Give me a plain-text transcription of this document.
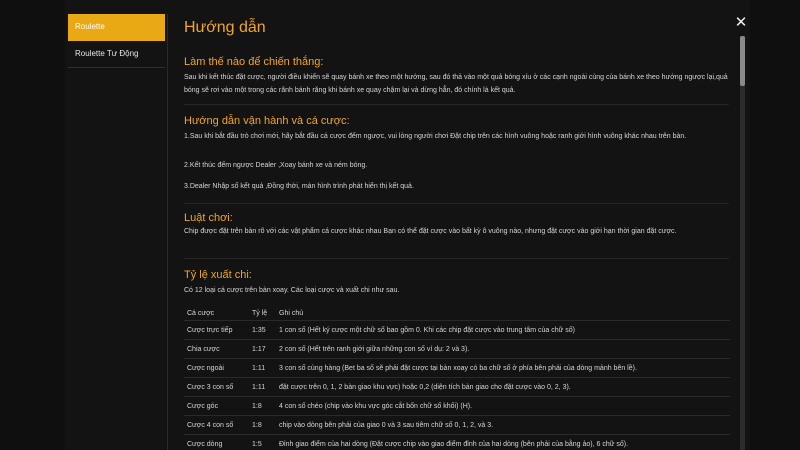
Roulette
Roulette Tư Động
Hướng dẫn
Làm thế nào để chiến thắng:
Sau khi kết thúc đặt cược, người điều khiển sẽ quay bánh xe theo một hướng, sau đó thả vào một quả bóng xíu ở các cạnh ngoài cùng của bánh xe theo hướng ngược lại,quả bóng sẽ rơi vào một trong các rãnh bánh răng khi bánh xe quay chậm lại và dừng hẳn, đó chính là kết quả.
Hướng dẫn vận hành và cá cược:
1.Sau khi bắt đầu trò chơi mới, hãy bắt đầu cá cược đếm ngược, vui lòng người chơi Đặt chip trên các hình vuông hoặc ranh giới hình vuông khác nhau trên bàn.
2.Kết thúc đếm ngược Dealer ,Xoay bánh xe và ném bóng.
3.Dealer Nhập số kết quả ,Đồng thời, màn hình trình phát hiển thị kết quả.
Luật chơi:
Chip được đặt trên bàn rõ với các vật phẩm cá cược khác nhau Bạn có thể đặt cược vào bất kỳ ô vuông nào, nhưng đặt cược vào giới hạn thời gian đặt cược.
Tỷ lệ xuất chi:
Có 12 loại cá cược trên bàn xoay. Các loại cược và xuất chi như sau.
Cá cược	Tỷ lệ	Ghi chú
Cược trực tiếp	1:35	1 con số (Hết ký cược một chữ số bao gồm 0. Khi các chip đặt cược vào trung tâm của chữ số)
Chia cược	1:17	2 con số (Hết trên ranh giới giữa những con số ví dụ: 2 và 3).
Cược ngoài	1:11	3 con số cùng hàng (Bet ba số sẽ phải đặt cược tại bàn xoay có ba chữ số ở phía bên phải của dòng mảnh bên lề).
Cược 3 con số	1:11	đặt cược trên 0, 1, 2 bàn giao khu vực) hoặc 0,2 (diện tích bàn giao cho đặt cược vào 0, 2, 3).
Cược góc	1:8	4 con số chéo (chip vào khu vực góc cắt bốn chữ số khối) (H).
Cược 4 con số	1:8	chip vào dòng bên phải của giao 0 và 3 sau tiêm chữ số 0, 1, 2, và 3.
Cược dòng	1:5	Đỉnh giao điểm của hai dòng (Đặt cược chip vào giao điểm đỉnh của hai dòng (bên phải của bằng ảo), 6 chữ số).
✕
